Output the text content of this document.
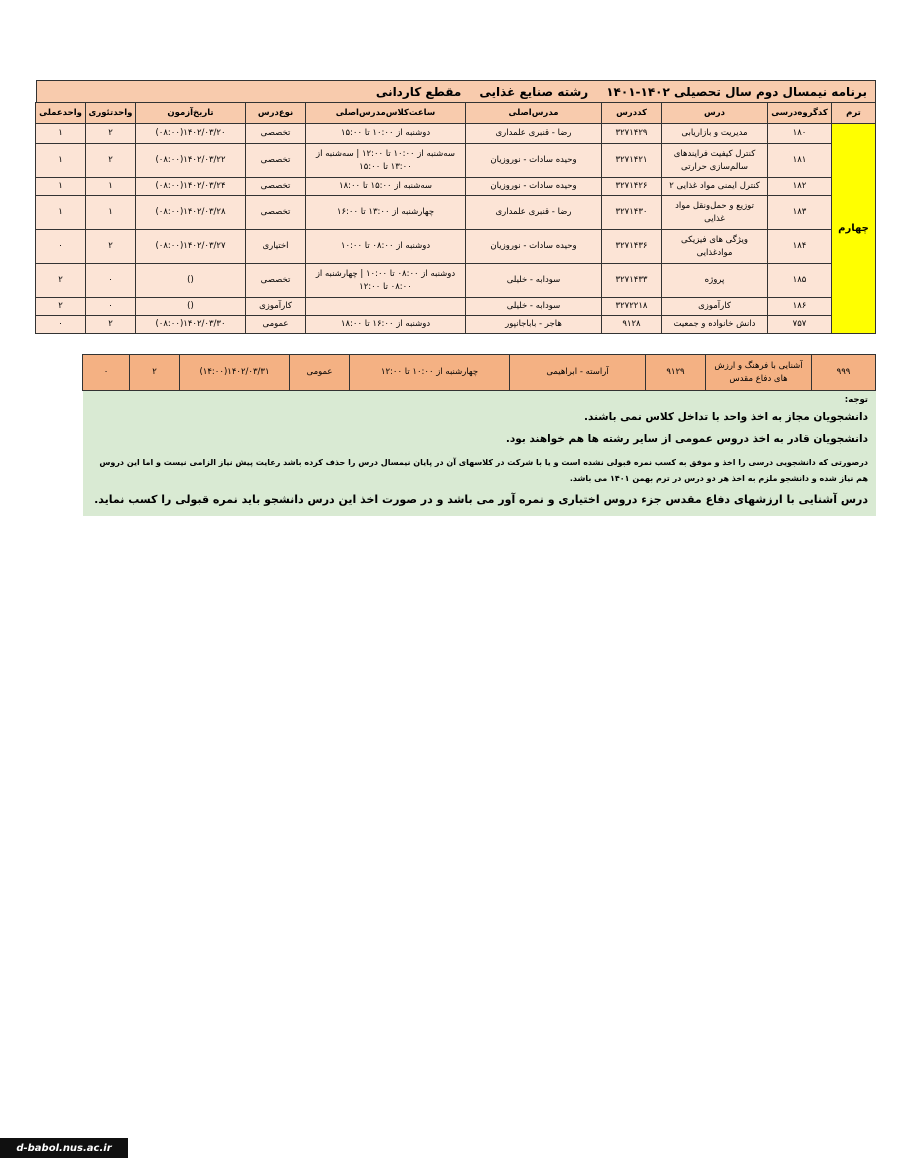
برنامه نیمسال دوم سال تحصیلی ۱۴۰۲-۱۴۰۱
رشته صنایع غذایی
مقطع کاردانی
ترم	کدگروه‌درسی	درس	کددرس	مدرس‌اصلی	ساعت‌کلاس‌مدرس‌اصلی	نوع‌درس	تاریخ‌آزمون	واحدتئوری	واحدعملی
چهارم	۱۸۰	مدیریت و بازاریابی	۳۲۷۱۴۲۹	رضا - قنبری علمداری	دوشنبه از ۱۰:۰۰ تا ۱۵:۰۰	تخصصی	۱۴۰۲/۰۳/۲۰(۰۸:۰۰)	۲	۱
	۱۸۱	کنترل کیفیت فرایندهای سالم‌سازی حرارتی	۳۲۷۱۴۲۱	وحیده سادات - نوروزیان	سه‌شنبه از ۱۰:۰۰ تا ۱۲:۰۰ | سه‌شنبه از ۱۳:۰۰ تا ۱۵:۰۰	تخصصی	۱۴۰۲/۰۳/۲۲(۰۸:۰۰)	۲	۱
	۱۸۲	کنترل ایمنی مواد غذایی ۲	۳۲۷۱۴۲۶	وحیده سادات - نوروزیان	سه‌شنبه از ۱۵:۰۰ تا ۱۸:۰۰	تخصصی	۱۴۰۲/۰۳/۲۴(۰۸:۰۰)	۱	۱
	۱۸۳	توزیع و حمل‌ونقل مواد غذایی	۳۲۷۱۴۳۰	رضا - قنبری علمداری	چهارشنبه از ۱۳:۰۰ تا ۱۶:۰۰	تخصصی	۱۴۰۲/۰۳/۲۸(۰۸:۰۰)	۱	۱
	۱۸۴	ویژگی های فیزیکی موادغذایی	۳۲۷۱۴۳۶	وحیده سادات - نوروزیان	دوشنبه از ۰۸:۰۰ تا ۱۰:۰۰	اختیاری	۱۴۰۲/۰۳/۲۷(۰۸:۰۰)	۲	۰
	۱۸۵	پروژه	۳۲۷۱۴۳۳	سودابه - خلیلی	دوشنبه از ۰۸:۰۰ تا ۱۰:۰۰ | چهارشنبه از ۰۸:۰۰ تا ۱۲:۰۰	تخصصی	()	۰	۲
	۱۸۶	کارآموزی	۳۲۷۲۲۱۸	سودابه - خلیلی		کارآموزی	()	۰	۲
	۷۵۷	دانش خانواده و جمعیت	۹۱۲۸	هاجر - باباجانپور	دوشنبه از ۱۶:۰۰ تا ۱۸:۰۰	عمومی	۱۴۰۲/۰۳/۳۰(۰۸:۰۰)	۲	۰
۹۹۹	آشنایی با فرهنگ و ارزش های دفاع مقدس	۹۱۲۹	آراسته - ابراهیمی	چهارشنبه از ۱۰:۰۰ تا ۱۲:۰۰	عمومی	۱۴۰۲/۰۳/۳۱(۱۴:۰۰)	۲	۰
توجه:
دانشجویان مجاز به اخذ واحد با تداخل کلاس نمی باشند.
دانشجویان قادر به اخذ دروس عمومی از سایر رشته ها هم خواهند بود.
درصورتی که دانشجویی درسی را اخذ و موفق به کسب نمره قبولی نشده است و یا با شرکت در کلاسهای آن در پایان نیمسال درس را حذف کرده باشد رعایت پیش نیاز الزامی نیست و اما این دروس هم نیاز شده و دانشجو ملزم به اخذ هر دو درس در ترم بهمن ۱۴۰۱ می باشد.
درس آشنایی با ارزشهای دفاع مقدس جزء دروس اختیاری و نمره آور می باشد و در صورت اخذ این درس دانشجو باید نمره قبولی را کسب نماید.
d-babol.nus.ac.ir
